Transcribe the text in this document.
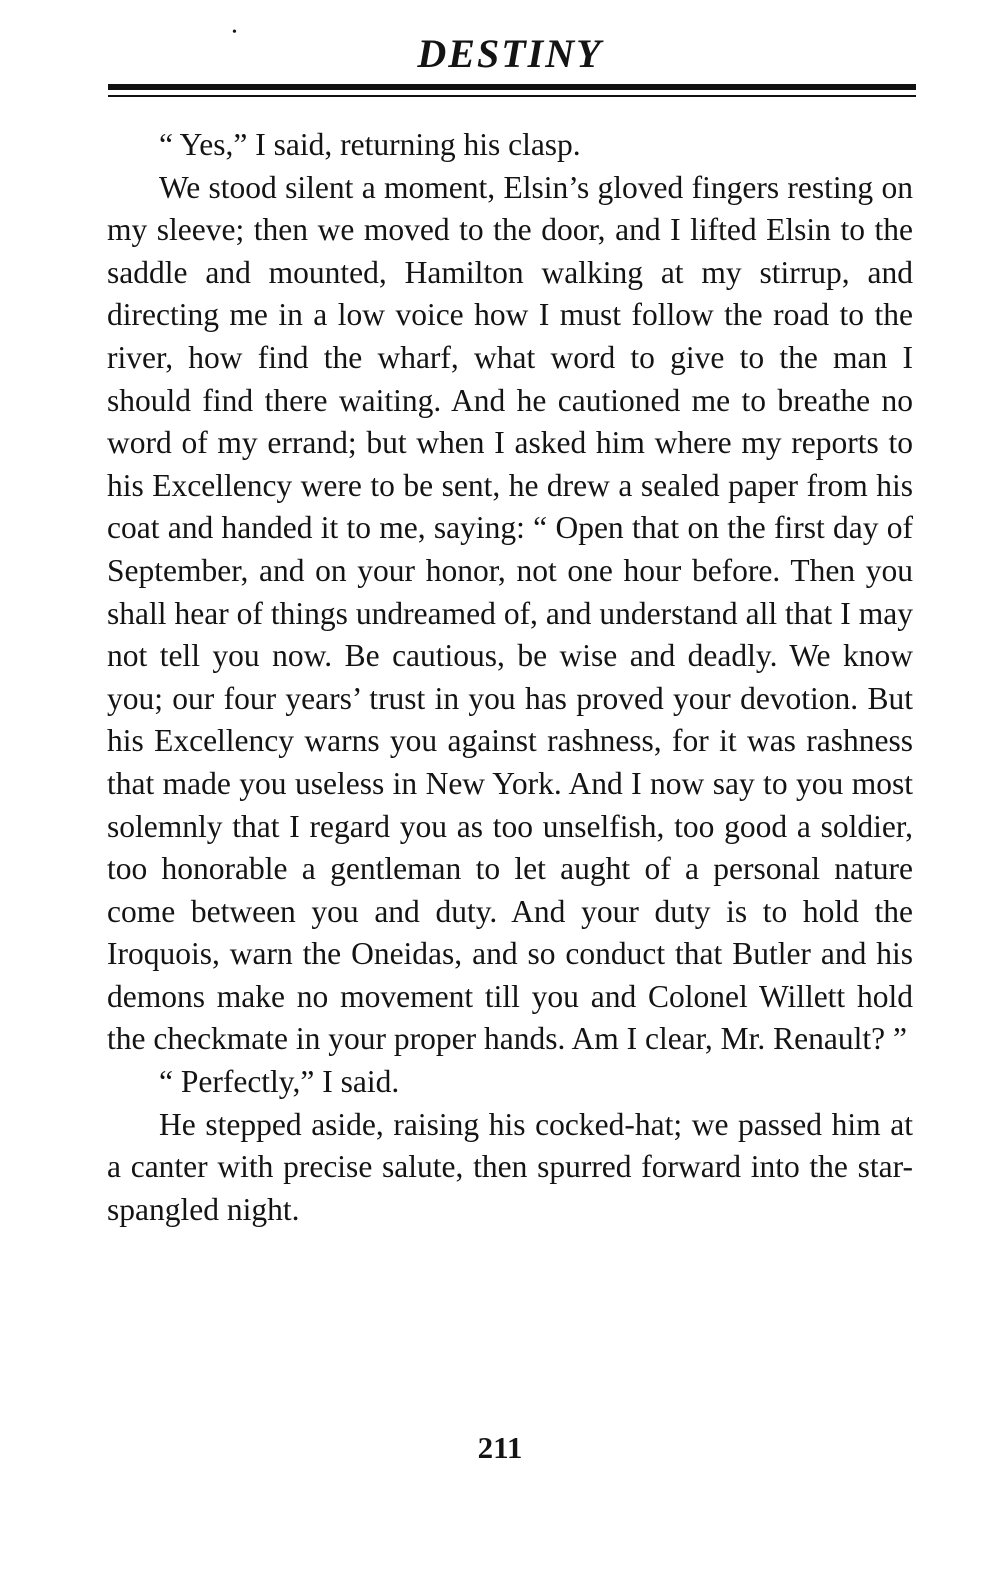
DESTINY
•

“ Yes,” I said, returning his clasp.

We stood silent a moment, Elsin’s gloved fingers resting on my sleeve; then we moved to the door, and I lifted Elsin to the saddle and mounted, Hamilton walking at my stirrup, and directing me in a low voice how I must follow the road to the river, how find the wharf, what word to give to the man I should find there waiting. And he cautioned me to breathe no word of my errand; but when I asked him where my reports to his Excellency were to be sent, he drew a sealed paper from his coat and handed it to me, saying: “ Open that on the first day of September, and on your honor, not one hour before. Then you shall hear of things undreamed of, and understand all that I may not tell you now. Be cautious, be wise and deadly. We know you; our four years’ trust in you has proved your devotion. But his Excellency warns you against rashness, for it was rashness that made you useless in New York. And I now say to you most solemnly that I regard you as too unselfish, too good a soldier, too honorable a gentleman to let aught of a personal nature come between you and duty. And your duty is to hold the Iroquois, warn the Oneidas, and so conduct that Butler and his demons make no movement till you and Colonel Willett hold the checkmate in your proper hands. Am I clear, Mr. Renault? ”

“ Perfectly,” I said.

He stepped aside, raising his cocked-hat; we passed him at a canter with precise salute, then spurred forward into the star-spangled night.

211
